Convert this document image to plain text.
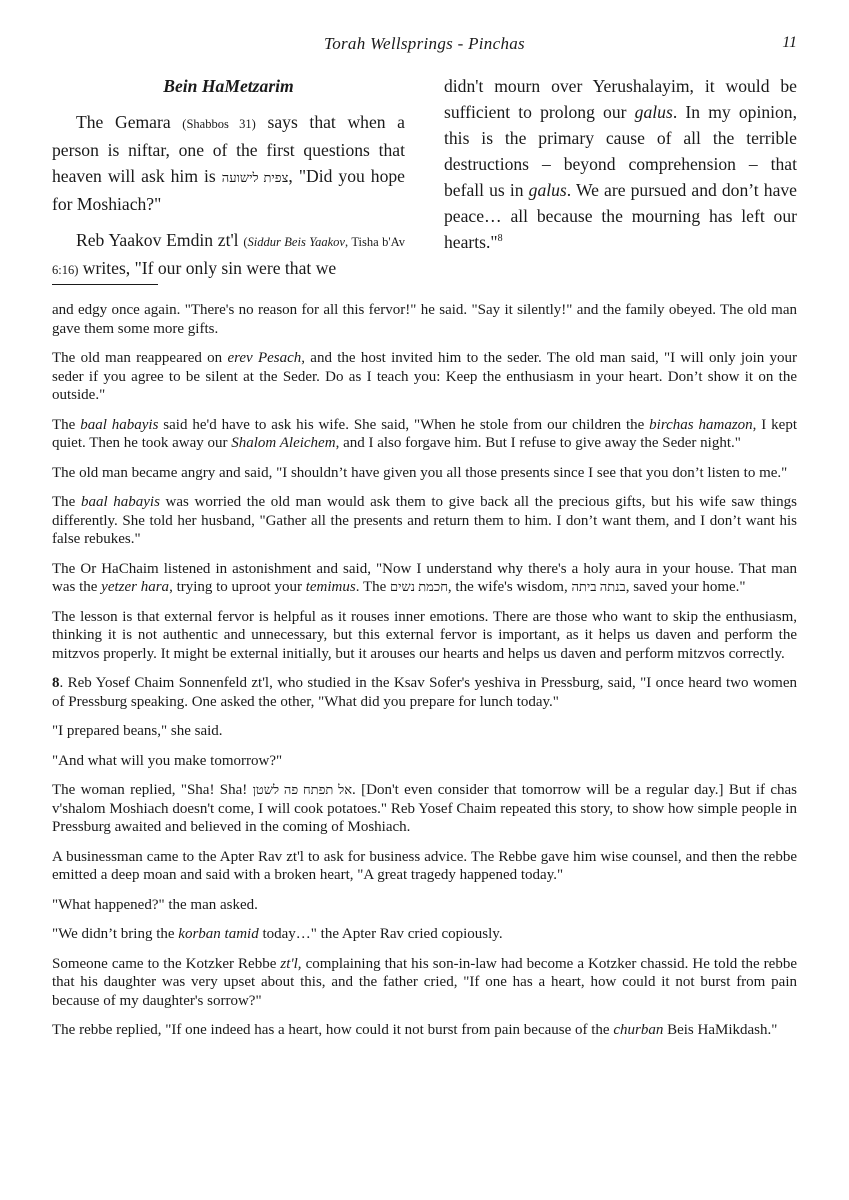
Torah Wellsprings - Pinchas	11
Bein HaMetzarim

The Gemara (Shabbos 31) says that when a person is niftar, one of the first questions that heaven will ask him is צפית לישועה, "Did you hope for Moshiach?"

Reb Yaakov Emdin zt'l (Siddur Beis Yaakov, Tisha b'Av 6:16) writes, "If our only sin were that we

didn't mourn over Yerushalayim, it would be sufficient to prolong our galus. In my opinion, this is the primary cause of all the terrible destructions – beyond comprehension – that befall us in galus. We are pursued and don’t have peace… all because the mourning has left our hearts."$^8$

and edgy once again. "There's no reason for all this fervor!" he said. "Say it silently!" and the family obeyed. The old man gave them some more gifts.

The old man reappeared on erev Pesach, and the host invited him to the seder. The old man said, "I will only join your seder if you agree to be silent at the Seder. Do as I teach you: Keep the enthusiasm in your heart. Don’t show it on the outside."

The baal habayis said he'd have to ask his wife. She said, "When he stole from our children the birchas hamazon, I kept quiet. Then he took away our Shalom Aleichem, and I also forgave him. But I refuse to give away the Seder night."

The old man became angry and said, "I shouldn’t have given you all those presents since I see that you don’t listen to me."

The baal habayis was worried the old man would ask them to give back all the precious gifts, but his wife saw things differently. She told her husband, "Gather all the presents and return them to him. I don’t want them, and I don’t want his false rebukes."

The Or HaChaim listened in astonishment and said, "Now I understand why there's a holy aura in your house. That man was the yetzer hara, trying to uproot your temimus. The חכמת נשים, the wife's wisdom, בנתה ביתה, saved your home."

The lesson is that external fervor is helpful as it rouses inner emotions. There are those who want to skip the enthusiasm, thinking it is not authentic and unnecessary, but this external fervor is important, as it helps us daven and perform the mitzvos properly. It might be external initially, but it arouses our hearts and helps us daven and perform mitzvos correctly.

8. Reb Yosef Chaim Sonnenfeld zt'l, who studied in the Ksav Sofer's yeshiva in Pressburg, said, "I once heard two women of Pressburg speaking. One asked the other, "What did you prepare for lunch today."

"I prepared beans," she said.

"And what will you make tomorrow?"

The woman replied, "Sha! Sha! אל תפתח פה לשטן. [Don't even consider that tomorrow will be a regular day.] But if chas v'shalom Moshiach doesn't come, I will cook potatoes." Reb Yosef Chaim repeated this story, to show how simple people in Pressburg awaited and believed in the coming of Moshiach.

A businessman came to the Apter Rav zt'l to ask for business advice. The Rebbe gave him wise counsel, and then the rebbe emitted a deep moan and said with a broken heart, "A great tragedy happened today."

"What happened?" the man asked.

"We didn’t bring the korban tamid today…" the Apter Rav cried copiously.

Someone came to the Kotzker Rebbe zt'l, complaining that his son-in-law had become a Kotzker chassid. He told the rebbe that his daughter was very upset about this, and the father cried, "If one has a heart, how could it not burst from pain because of my daughter's sorrow?"

The rebbe replied, "If one indeed has a heart, how could it not burst from pain because of the churban Beis HaMikdash."
